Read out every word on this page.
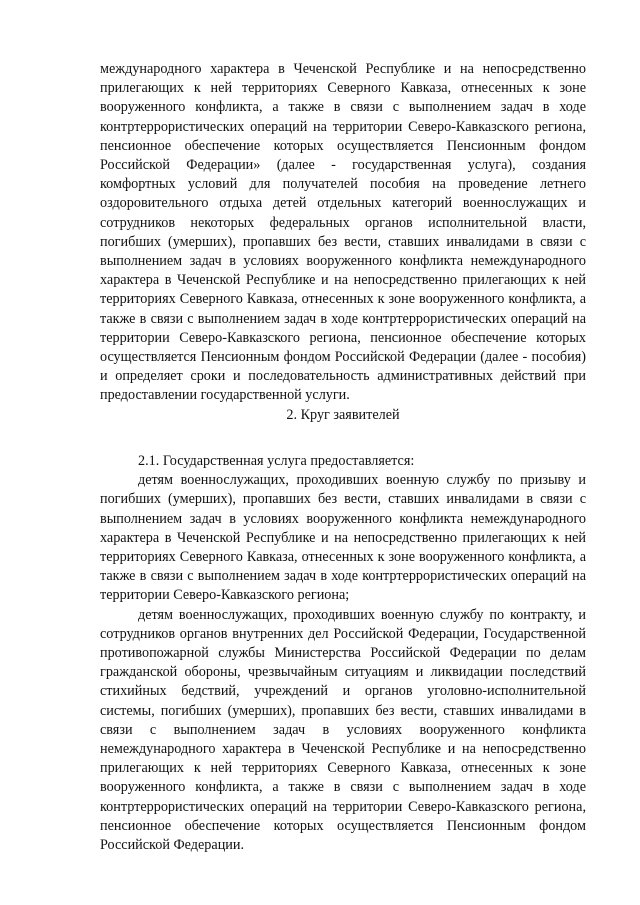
международного характера в Чеченской Республике и на непосредственно прилегающих к ней территориях Северного Кавказа, отнесенных к зоне вооруженного конфликта, а также в связи с выполнением задач в ходе контртеррористических операций на территории Северо-Кавказского региона, пенсионное обеспечение которых осуществляется Пенсионным фондом Российской Федерации» (далее - государственная услуга), создания комфортных условий для получателей пособия на проведение летнего оздоровительного отдыха детей отдельных категорий военнослужащих и сотрудников некоторых федеральных органов исполнительной власти, погибших (умерших), пропавших без вести, ставших инвалидами в связи с выполнением задач в условиях вооруженного конфликта немеждународного характера в Чеченской Республике и на непосредственно прилегающих к ней территориях Северного Кавказа, отнесенных к зоне вооруженного конфликта, а также в связи с выполнением задач в ходе контртеррористических операций на территории Северо-Кавказского региона, пенсионное обеспечение которых осуществляется Пенсионным фондом Российской Федерации (далее - пособия) и определяет сроки и последовательность административных действий при предоставлении государственной услуги.

2. Круг заявителей

2.1. Государственная услуга предоставляется:

детям военнослужащих, проходивших военную службу по призыву и погибших (умерших), пропавших без вести, ставших инвалидами в связи с выполнением задач в условиях вооруженного конфликта немеждународного характера в Чеченской Республике и на непосредственно прилегающих к ней территориях Северного Кавказа, отнесенных к зоне вооруженного конфликта, а также в связи с выполнением задач в ходе контртеррористических операций на территории Северо-Кавказского региона;

детям военнослужащих, проходивших военную службу по контракту, и сотрудников органов внутренних дел Российской Федерации, Государственной противопожарной службы Министерства Российской Федерации по делам гражданской обороны, чрезвычайным ситуациям и ликвидации последствий стихийных бедствий, учреждений и органов уголовно-исполнительной системы, погибших (умерших), пропавших без вести, ставших инвалидами в связи с выполнением задач в условиях вооруженного конфликта немеждународного характера в Чеченской Республике и на непосредственно прилегающих к ней территориях Северного Кавказа, отнесенных к зоне вооруженного конфликта, а также в связи с выполнением задач в ходе контртеррористических операций на территории Северо-Кавказского региона, пенсионное обеспечение которых осуществляется Пенсионным фондом Российской Федерации.
